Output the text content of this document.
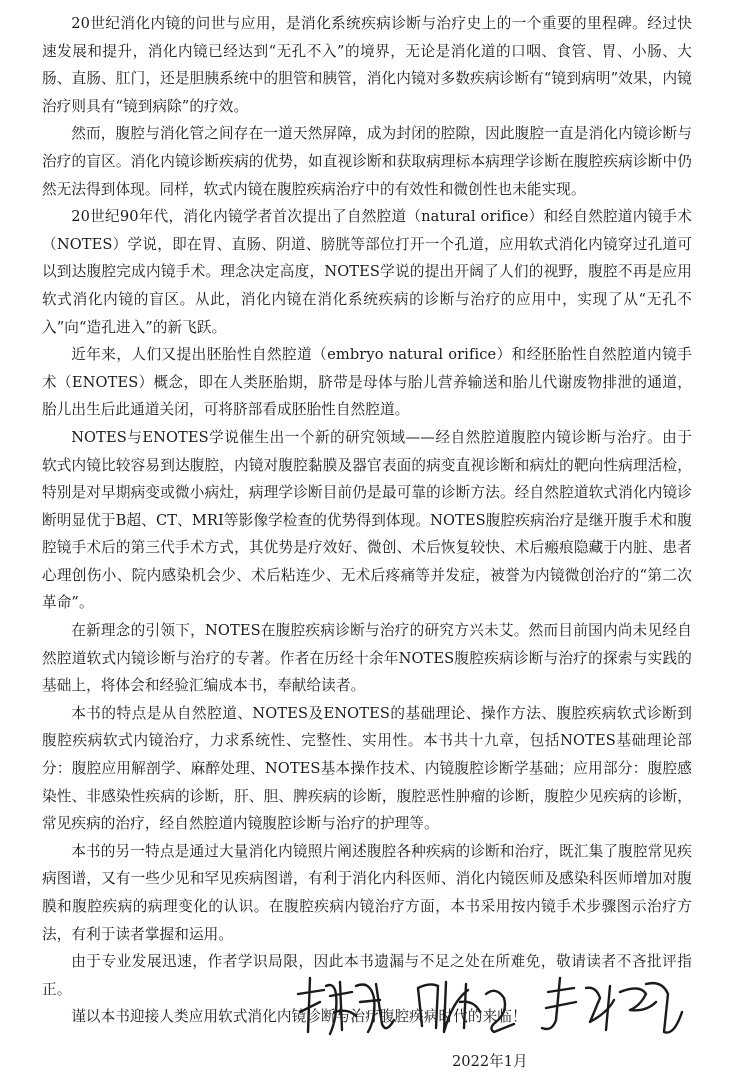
20世纪消化内镜的问世与应用，是消化系统疾病诊断与治疗史上的一个重要的里程碑。经过快速发展和提升，消化内镜已经达到“无孔不入”的境界，无论是消化道的口咽、食管、胃、小肠、大肠、直肠、肛门，还是胆胰系统中的胆管和胰管，消化内镜对多数疾病诊断有“镜到病明”效果，内镜治疗则具有“镜到病除”的疗效。

然而，腹腔与消化管之间存在一道天然屏障，成为封闭的腔隙，因此腹腔一直是消化内镜诊断与治疗的盲区。消化内镜诊断疾病的优势，如直视诊断和获取病理标本病理学诊断在腹腔疾病诊断中仍然无法得到体现。同样，软式内镜在腹腔疾病治疗中的有效性和微创性也未能实现。

20世纪90年代，消化内镜学者首次提出了自然腔道（natural orifice）和经自然腔道内镜手术（NOTES）学说，即在胃、直肠、阴道、膀胱等部位打开一个孔道，应用软式消化内镜穿过孔道可以到达腹腔完成内镜手术。理念决定高度，NOTES学说的提出开阔了人们的视野，腹腔不再是应用软式消化内镜的盲区。从此，消化内镜在消化系统疾病的诊断与治疗的应用中，实现了从“无孔不入”向“造孔进入”的新飞跃。

近年来，人们又提出胚胎性自然腔道（embryo natural orifice）和经胚胎性自然腔道内镜手术（ENOTES）概念，即在人类胚胎期，脐带是母体与胎儿营养输送和胎儿代谢废物排泄的通道，胎儿出生后此通道关闭，可将脐部看成胚胎性自然腔道。

NOTES与ENOTES学说催生出一个新的研究领域——经自然腔道腹腔内镜诊断与治疗。由于软式内镜比较容易到达腹腔，内镜对腹腔黏膜及器官表面的病变直视诊断和病灶的靶向性病理活检，特别是对早期病变或微小病灶，病理学诊断目前仍是最可靠的诊断方法。经自然腔道软式消化内镜诊断明显优于B超、CT、MRI等影像学检查的优势得到体现。NOTES腹腔疾病治疗是继开腹手术和腹腔镜手术后的第三代手术方式，其优势是疗效好、微创、术后恢复较快、术后瘢痕隐藏于内脏、患者心理创伤小、院内感染机会少、术后粘连少、无术后疼痛等并发症，被誉为内镜微创治疗的“第二次革命”。

在新理念的引领下，NOTES在腹腔疾病诊断与治疗的研究方兴未艾。然而目前国内尚未见经自然腔道软式内镜诊断与治疗的专著。作者在历经十余年NOTES腹腔疾病诊断与治疗的探索与实践的基础上，将体会和经验汇编成本书，奉献给读者。

本书的特点是从自然腔道、NOTES及ENOTES的基础理论、操作方法、腹腔疾病软式诊断到腹腔疾病软式内镜治疗，力求系统性、完整性、实用性。本书共十九章，包括NOTES基础理论部分：腹腔应用解剖学、麻醉处理、NOTES基本操作技术、内镜腹腔诊断学基础；应用部分：腹腔感染性、非感染性疾病的诊断，肝、胆、脾疾病的诊断，腹腔恶性肿瘤的诊断，腹腔少见疾病的诊断，常见疾病的治疗，经自然腔道内镜腹腔诊断与治疗的护理等。

本书的另一特点是通过大量消化内镜照片阐述腹腔各种疾病的诊断和治疗，既汇集了腹腔常见疾病图谱，又有一些少见和罕见疾病图谱，有利于消化内科医师、消化内镜医师及感染科医师增加对腹膜和腹腔疾病的病理变化的认识。在腹腔疾病内镜治疗方面，本书采用按内镜手术步骤图示治疗方法，有利于读者掌握和运用。

由于专业发展迅速，作者学识局限，因此本书遗漏与不足之处在所难免，敬请读者不吝批评指正。

谨以本书迎接人类应用软式消化内镜诊断与治疗腹腔疾病时代的来临！

2022年1月
